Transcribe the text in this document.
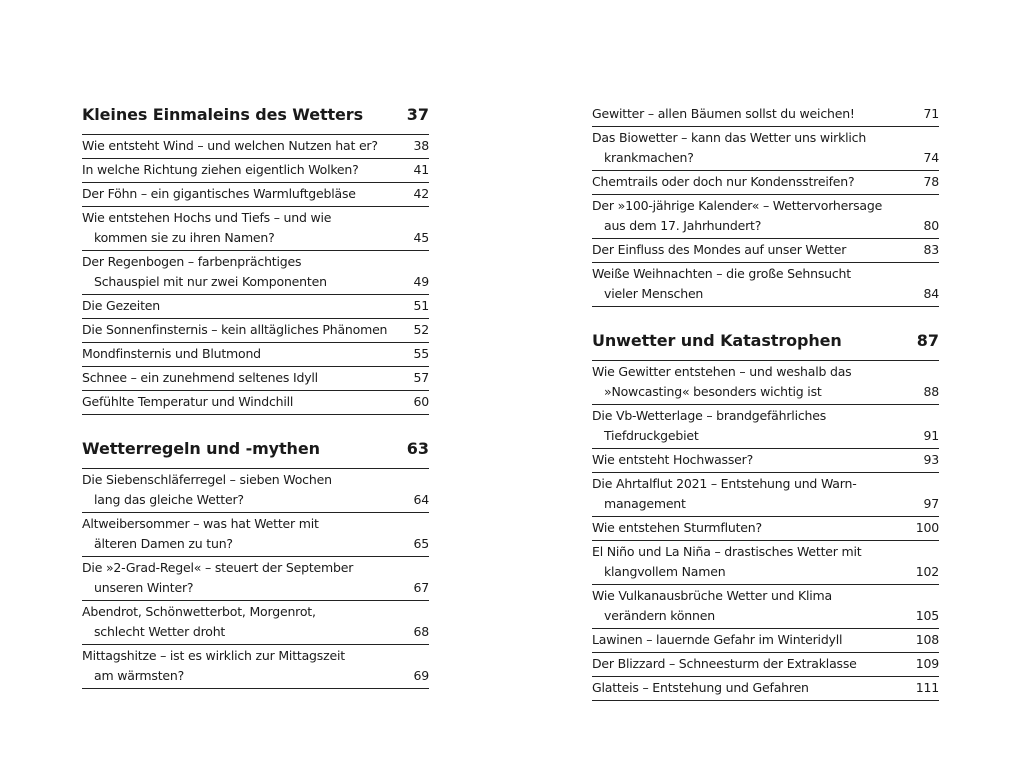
Kleines Einmaleins des Wetters	37
Wie entsteht Wind – und welchen Nutzen hat er?	38
In welche Richtung ziehen eigentlich Wolken?	41
Der Föhn – ein gigantisches Warmluftgebläse	42
Wie entstehen Hochs und Tiefs – und wie
kommen sie zu ihren Namen?	45
Der Regenbogen – farbenprächtiges
Schauspiel mit nur zwei Komponenten	49
Die Gezeiten	51
Die Sonnenfinsternis – kein alltägliches Phänomen 52
Mondfinsternis und Blutmond	55
Schnee – ein zunehmend seltenes Idyll	57
Gefühlte Temperatur und Windchill	60
Wetterregeln und -mythen	63
Die Siebenschläferregel – sieben Wochen
lang das gleiche Wetter?	64
Altweibersommer – was hat Wetter mit
älteren Damen zu tun?	65
Die »2-Grad-Regel« – steuert der September
unseren Winter?	67
Abendrot, Schönwetterbot, Morgenrot,
schlecht Wetter droht	68
Mittagshitze – ist es wirklich zur Mittagszeit
am wärmsten?	69
Gewitter – allen Bäumen sollst du weichen!	71
Das Biowetter – kann das Wetter uns wirklich
krankmachen?	74
Chemtrails oder doch nur Kondensstreifen?	78
Der »100-jährige Kalender« – Wettervorhersage
aus dem 17. Jahrhundert?	80
Der Einfluss des Mondes auf unser Wetter	83
Weiße Weihnachten – die große Sehnsucht
vieler Menschen	84
Unwetter und Katastrophen	87
Wie Gewitter entstehen – und weshalb das
»Nowcasting« besonders wichtig ist	88
Die Vb-Wetterlage – brandgefährliches
Tiefdruckgebiet	91
Wie entsteht Hochwasser?	93
Die Ahrtalflut 2021 – Entstehung und Warn-
management	97
Wie entstehen Sturmfluten?	100
El Niño und La Niña – drastisches Wetter mit
klangvollem Namen	102
Wie Vulkanausbrüche Wetter und Klima
verändern können	105
Lawinen – lauernde Gefahr im Winteridyll	108
Der Blizzard – Schneesturm der Extraklasse	109
Glatteis – Entstehung und Gefahren	111
